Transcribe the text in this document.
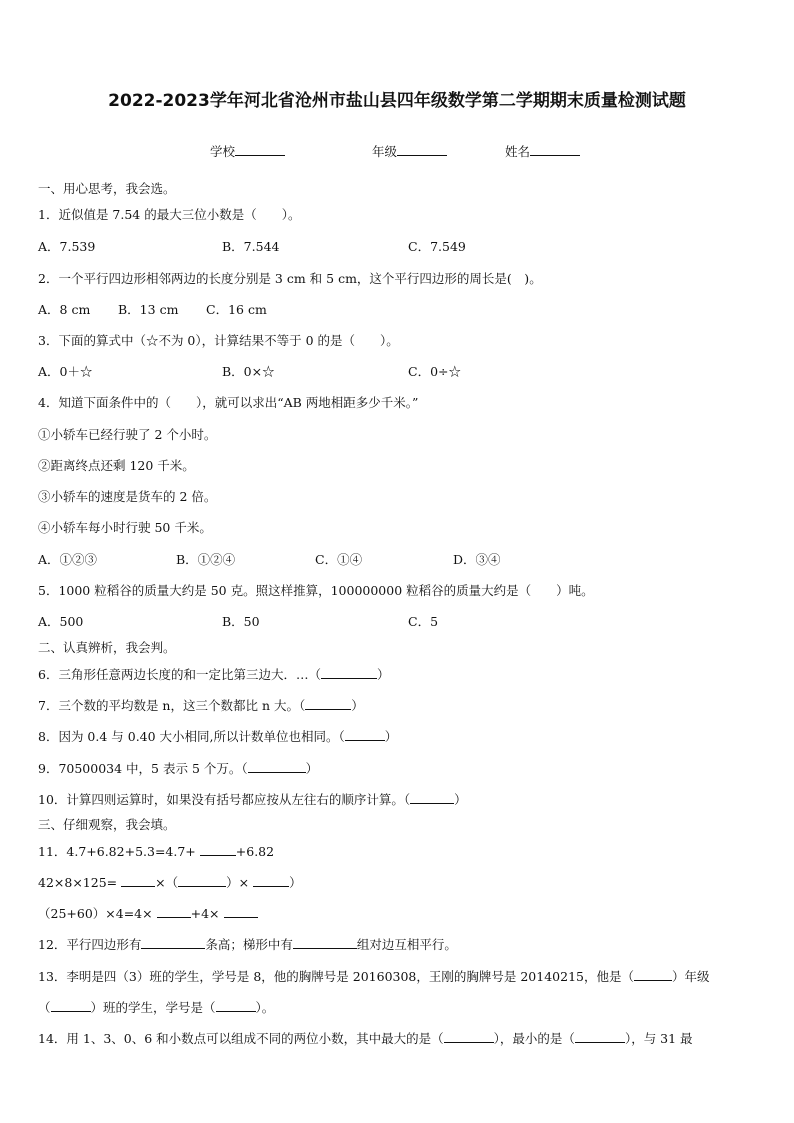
2022-2023学年河北省沧州市盐山县四年级数学第二学期期末质量检测试题
学校	年级	姓名
一、用心思考，我会选。
1．近似值是 7.54 的最大三位小数是（　　）。
A．7.539	B．7.544	C．7.549
2．一个平行四边形相邻两边的长度分别是 3 cm 和 5 cm，这个平行四边形的周长是(　)。
A．8 cm B．13 cm C．16 cm
3．下面的算式中（☆不为 0），计算结果不等于 0 的是（　　）。
A．0＋☆	B．0×☆	C．0÷☆
4．知道下面条件中的（　　），就可以求出“AB 两地相距多少千米。”
①小轿车已经行驶了 2 个小时。
②距离终点还剩 120 千米。
③小轿车的速度是货车的 2 倍。
④小轿车每小时行驶 50 千米。
A．①②③	B．①②④	C．①④	D．③④
5．1000 粒稻谷的质量大约是 50 克。照这样推算，100000000 粒稻谷的质量大约是（　　）吨。
A．500	B．50	C．5
二、认真辨析，我会判。
6．三角形任意两边长度的和一定比第三边大．…（	）
7．三个数的平均数是 n，这三个数都比 n 大。（	）
8．因为 0.4 与 0.40 大小相同,所以计数单位也相同。（	）
9．70500034 中，5 表示 5 个万。（	）
10．计算四则运算时，如果没有括号都应按从左往右的顺序计算。（	）
三、仔细观察，我会填。
11．4.7+6.82+5.3=4.7+	+6.82
42×8×125=	×（	）×	）
（25+60）×4=4×	+4×
12．平行四边形有	条高；梯形中有	组对边互相平行。
13．李明是四（3）班的学生，学号是 8，他的胸牌号是 20160308，王刚的胸牌号是 20140215，他是（	）年级
（	）班的学生，学号是（	）。
14．用 1、3、0、6 和小数点可以组成不同的两位小数，其中最大的是（	），最小的是（	），与 31 最
